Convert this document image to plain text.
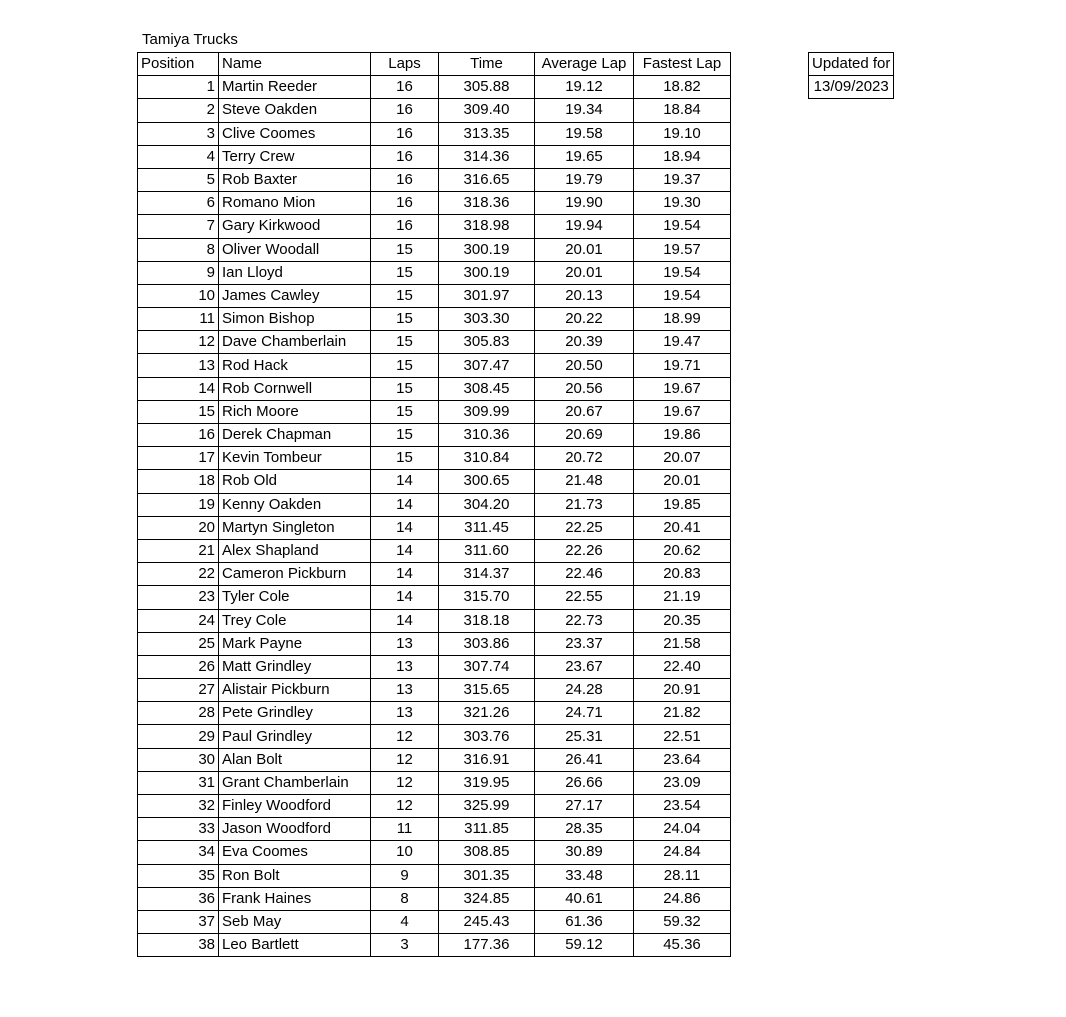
Tamiya Trucks
Position	Name	Laps	Time	Average Lap	Fastest Lap
1	Martin Reeder	16	305.88	19.12	18.82
2	Steve Oakden	16	309.40	19.34	18.84
3	Clive Coomes	16	313.35	19.58	19.10
4	Terry Crew	16	314.36	19.65	18.94
5	Rob Baxter	16	316.65	19.79	19.37
6	Romano Mion	16	318.36	19.90	19.30
7	Gary Kirkwood	16	318.98	19.94	19.54
8	Oliver Woodall	15	300.19	20.01	19.57
9	Ian Lloyd	15	300.19	20.01	19.54
10	James Cawley	15	301.97	20.13	19.54
11	Simon Bishop	15	303.30	20.22	18.99
12	Dave Chamberlain	15	305.83	20.39	19.47
13	Rod Hack	15	307.47	20.50	19.71
14	Rob Cornwell	15	308.45	20.56	19.67
15	Rich Moore	15	309.99	20.67	19.67
16	Derek Chapman	15	310.36	20.69	19.86
17	Kevin Tombeur	15	310.84	20.72	20.07
18	Rob Old	14	300.65	21.48	20.01
19	Kenny Oakden	14	304.20	21.73	19.85
20	Martyn Singleton	14	311.45	22.25	20.41
21	Alex Shapland	14	311.60	22.26	20.62
22	Cameron Pickburn	14	314.37	22.46	20.83
23	Tyler Cole	14	315.70	22.55	21.19
24	Trey Cole	14	318.18	22.73	20.35
25	Mark Payne	13	303.86	23.37	21.58
26	Matt Grindley	13	307.74	23.67	22.40
27	Alistair Pickburn	13	315.65	24.28	20.91
28	Pete Grindley	13	321.26	24.71	21.82
29	Paul Grindley	12	303.76	25.31	22.51
30	Alan Bolt	12	316.91	26.41	23.64
31	Grant Chamberlain	12	319.95	26.66	23.09
32	Finley Woodford	12	325.99	27.17	23.54
33	Jason Woodford	11	311.85	28.35	24.04
34	Eva Coomes	10	308.85	30.89	24.84
35	Ron Bolt	9	301.35	33.48	28.11
36	Frank Haines	8	324.85	40.61	24.86
37	Seb May	4	245.43	61.36	59.32
38	Leo Bartlett	3	177.36	59.12	45.36
Updated for
13/09/2023
